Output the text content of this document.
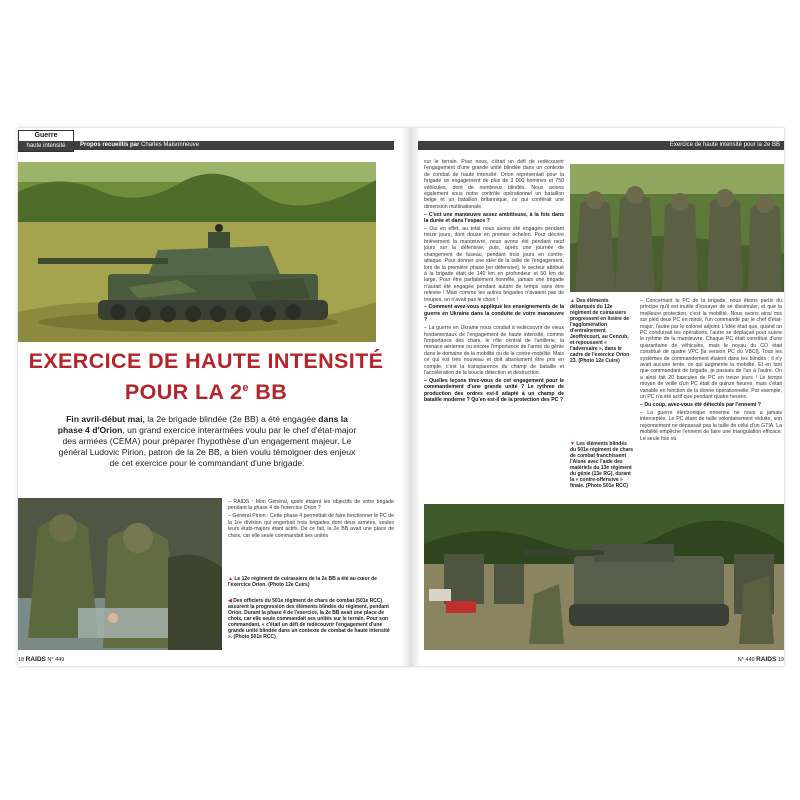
Propos recueillis par Charles Maisonneuve
Guerre
haute intensité	Exercice de haute intensité pour la 2e BB
EXERCICE DE HAUTE INTENSITÉ
POUR LA 2e BB
Fin avril-début mai, la 2e brigade blindée (2e BB) a été engagée dans la phase 4 d'Orion, un grand exercice interarmées voulu par le chef d'état-major des armées (CEMA) pour préparer l'hypothèse d'un engagement majeur. Le général Ludovic Pirion, patron de la 2e BB, a bien voulu témoigner des enjeux de cet exercice pour le commandant d'une brigade.

– RAIDS : Mon Général, quels étaient les objectifs de votre brigade pendant la phase 4 de l'exercice Orion ?

– Général Pirion : Cette phase 4 permettait de faire fonctionner le PC de la 1re division qui engerbait trois brigades dont deux armées, seules leurs états-majors étant actifs. De ce fait, la 2e BB avait une place de choix, car elle seule commandait ses unités

▲ Le 12e régiment de cuirassiers de la 2e BB a été au cœur de l'exercice Orion. (Photo 12e Cuirs)
◀ Des officiers du 501e régiment de chars de combat (501e RCC) assurent la progression des éléments blindés du régiment, pendant Orion. Durant la phase 4 de l'exercice, la 2e BB avait une place de choix, car elle seule commandait ses unités sur le terrain. Pour son commandant, « c'était un défi de redécouvrir l'engagement d'une grande unité blindée dans un contexte de combat de haute intensité ». (Photo 501e RCC)
18 RAIDS N° 449

sur le terrain. Pour nous, c'était un défi de redécouvrir l'engagement d'une grande unité blindée dans un contexte de combat de haute intensité. Orion représentait pour la brigade un engagement de plus de 3 000 hommes et 750 véhicules, dont de nombreux blindés. Nous avions également sous notre contrôle opérationnel un bataillon belge et un bataillon britannique, ce qui conférait une dimension multinationale.

– C'est une manœuvre assez ambitieuse, à la fois dans la durée et dans l'espace ?

– Oui en effet, au total nous avons été engagés pendant treize jours, dont douze en premier échelon. Pour décrire brièvement la manœuvre, nous avons été pendant neuf jours sur la défensive, puis, après une journée de changement de fuseau, pendant trois jours en contre-attaque. Pour donner une idée de la taille de l'engagement, lors de la première phase [en défensive], le secteur attribué à la brigade était de 140 km en profondeur et 50 km de large. Pour être parfaitement honnête, jamais une brigade n'aurait été engagée pendant autant de temps sans être relevée ! Mais comme les autres brigades n'avaient pas de troupes, on n'avait pas le choix !

– Comment avez-vous appliqué les enseignements de la guerre en Ukraine dans la conduite de votre manœuvre ?

– La guerre en Ukraine nous conduit à redécouvrir de vieux fondamentaux de l'engagement de haute intensité, comme l'importance des chars, le rôle central de l'artillerie, la menace aérienne ou encore l'importance de l'arme du génie dans le domaine de la mobilité ou de la contre-mobilité. Mais ce qui est très nouveau et doit absolument être pris en compte, c'est la transparence du champ de bataille et l'accélération de la boucle détection et destruction.

– Quelles leçons tirez-vous de cet engagement pour le commandement d'une grande unité ? Le rythme de production des ordres est-il adapté à un champ de bataille moderne ? Qu'en est-il de la protection des PC ?

▲ Des éléments débarqués du 12e régiment de cuirassiers progressent en lisière de l'agglomération d'entraînement Jeoffrécourt, au Cenzub, et repoussent « l'adversaire », dans le cadre de l'exercice Orion 23. (Photo 12e Cuirs)
▼ Les éléments blindés du 501e régiment de chars de combat franchissent l'Aisne avec l'aide des matériels du 13e régiment du génie (13e RG), durant la « contre-offensive » finale. (Photo 501e RCC)

– Concernant le PC de la brigade, nous étions partis du principe qu'il est inutile d'essayer de se dissimuler, et que la meilleure protection, c'est la mobilité. Nous avons ainsi mis sur pied deux PC en miroir, l'un commandé par le chef d'état-major, l'autre par le colonel adjoint. L'idée était que, quand un PC conduisait les opérations, l'autre se déplaçait pour suivre le rythme de la manœuvre. Chaque PC était constitué d'une quarantaine de véhicules, mais le noyau du CO était constitué de quatre VPC [la version PC du VBCI]. Tous les systèmes de commandement étaient dans les blindés ; il n'y avait aucune tente, ce qui augmente la mobilité. Et en tant que commandant de brigade, je passais de l'un à l'autre. On a ainsi fait 20 bascules de PC en treize jours ! Le temps moyen de veille d'un PC était de quinze heures, mais c'était variable en fonction de la donne opérationnelle. Par exemple, un PC n'a été actif que pendant quatre heures.

– Du coup, avez-vous été détectés par l'ennemi ?

– La guerre électronique ennemie ne nous a jamais interceptés. Le PC étant de taille volontairement réduite, son rayonnement ne dépassait pas la taille de celui d'un GTIA. La mobilité empêche l'ennemi de faire une triangulation efficace. Le seule fois où

N° 449 RAIDS 19
